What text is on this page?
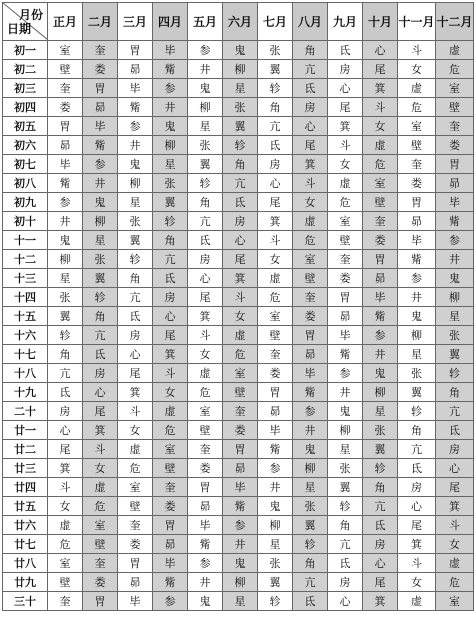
月份
日期	正月	二月	三月	四月	五月	六月	七月	八月	九月	十月	十一月	十二月
初一	室	奎	胃	毕	参	鬼	张	角	氐	心	斗	虚
初二	壁	娄	昴	觜	井	柳	翼	亢	房	尾	女	危
初三	奎	胃	毕	参	鬼	星	轸	氐	心	箕	虚	室
初四	娄	昴	觜	井	柳	张	角	房	尾	斗	危	壁
初五	胃	毕	参	鬼	星	翼	亢	心	箕	女	室	奎
初六	昴	觜	井	柳	张	轸	氐	尾	斗	虚	壁	娄
初七	毕	参	鬼	星	翼	角	房	箕	女	危	奎	胃
初八	觜	井	柳	张	轸	亢	心	斗	虚	室	娄	昴
初九	参	鬼	星	翼	角	氐	尾	女	危	壁	胃	毕
初十	井	柳	张	轸	亢	房	箕	虚	室	奎	昴	觜
十一	鬼	星	翼	角	氐	心	斗	危	壁	娄	毕	参
十二	柳	张	轸	亢	房	尾	女	室	奎	胃	觜	井
十三	星	翼	角	氐	心	箕	虚	壁	娄	昴	参	鬼
十四	张	轸	亢	房	尾	斗	危	奎	胃	毕	井	柳
十五	翼	角	氐	心	箕	女	室	娄	昴	觜	鬼	星
十六	轸	亢	房	尾	斗	虚	壁	胃	毕	参	柳	张
十七	角	氐	心	箕	女	危	奎	昴	觜	井	星	翼
十八	亢	房	尾	斗	虚	室	娄	毕	参	鬼	张	轸
十九	氐	心	箕	女	危	壁	胃	觜	井	柳	翼	角
二十	房	尾	斗	虚	室	奎	昴	参	鬼	星	轸	亢
廿一	心	箕	女	危	壁	娄	毕	井	柳	张	角	氐
廿二	尾	斗	虚	室	奎	胃	觜	鬼	星	翼	亢	房
廿三	箕	女	危	壁	娄	昴	参	柳	张	轸	氐	心
廿四	斗	虚	室	奎	胃	毕	井	星	翼	角	房	尾
廿五	女	危	壁	娄	昴	觜	鬼	张	轸	亢	心	箕
廿六	虚	室	奎	胃	毕	参	柳	翼	角	氐	尾	斗
廿七	危	壁	娄	昴	觜	井	星	轸	亢	房	箕	女
廿八	室	奎	胃	毕	参	鬼	张	角	氐	心	斗	虚
廿九	壁	娄	昴	觜	井	柳	翼	亢	房	尾	女	危
三十	奎	胃	毕	参	鬼	星	轸	氐	心	箕	虚	室
